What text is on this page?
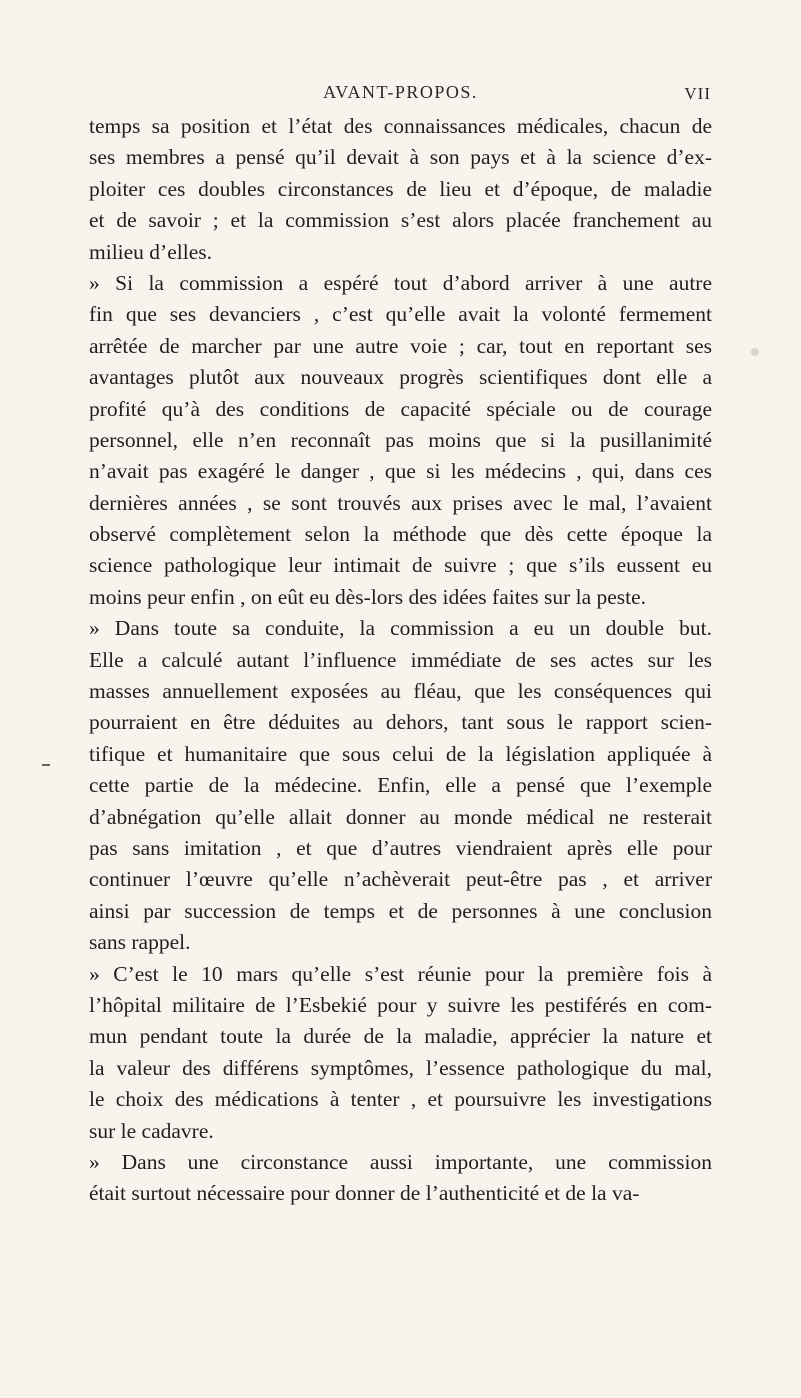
AVANT-PROPOS.	VII
temps sa position et l’état des connaissances médicales, chacun de
ses membres a pensé qu’il devait à son pays et à la science d’ex-
ploiter ces doubles circonstances de lieu et d’époque, de maladie
et de savoir ; et la commission s’est alors placée franchement au
milieu d’elles.
» Si la commission a espéré tout d’abord arriver à une autre
fin que ses devanciers , c’est qu’elle avait la volonté fermement
arrêtée de marcher par une autre voie ; car, tout en reportant ses
avantages plutôt aux nouveaux progrès scientifiques dont elle a
profité qu’à des conditions de capacité spéciale ou de courage
personnel, elle n’en reconnaît pas moins que si la pusillanimité
n’avait pas exagéré le danger , que si les médecins , qui, dans ces
dernières années , se sont trouvés aux prises avec le mal, l’avaient
observé complètement selon la méthode que dès cette époque la
science pathologique leur intimait de suivre ; que s’ils eussent eu
moins peur enfin , on eût eu dès-lors des idées faites sur la peste.
» Dans toute sa conduite, la commission a eu un double but.
Elle a calculé autant l’influence immédiate de ses actes sur les
masses annuellement exposées au fléau, que les conséquences qui
pourraient en être déduites au dehors, tant sous le rapport scien-
tifique et humanitaire que sous celui de la législation appliquée à
cette partie de la médecine. Enfin, elle a pensé que l’exemple
d’abnégation qu’elle allait donner au monde médical ne resterait
pas sans imitation , et que d’autres viendraient après elle pour
continuer l’œuvre qu’elle n’achèverait peut-être pas , et arriver
ainsi par succession de temps et de personnes à une conclusion
sans rappel.
» C’est le 10 mars qu’elle s’est réunie pour la première fois à
l’hôpital militaire de l’Esbekié pour y suivre les pestiférés en com-
mun pendant toute la durée de la maladie, apprécier la nature et
la valeur des différens symptômes, l’essence pathologique du mal,
le choix des médications à tenter , et poursuivre les investigations
sur le cadavre.
» Dans une circonstance aussi importante, une commission
était surtout nécessaire pour donner de l’authenticité et de la va-
